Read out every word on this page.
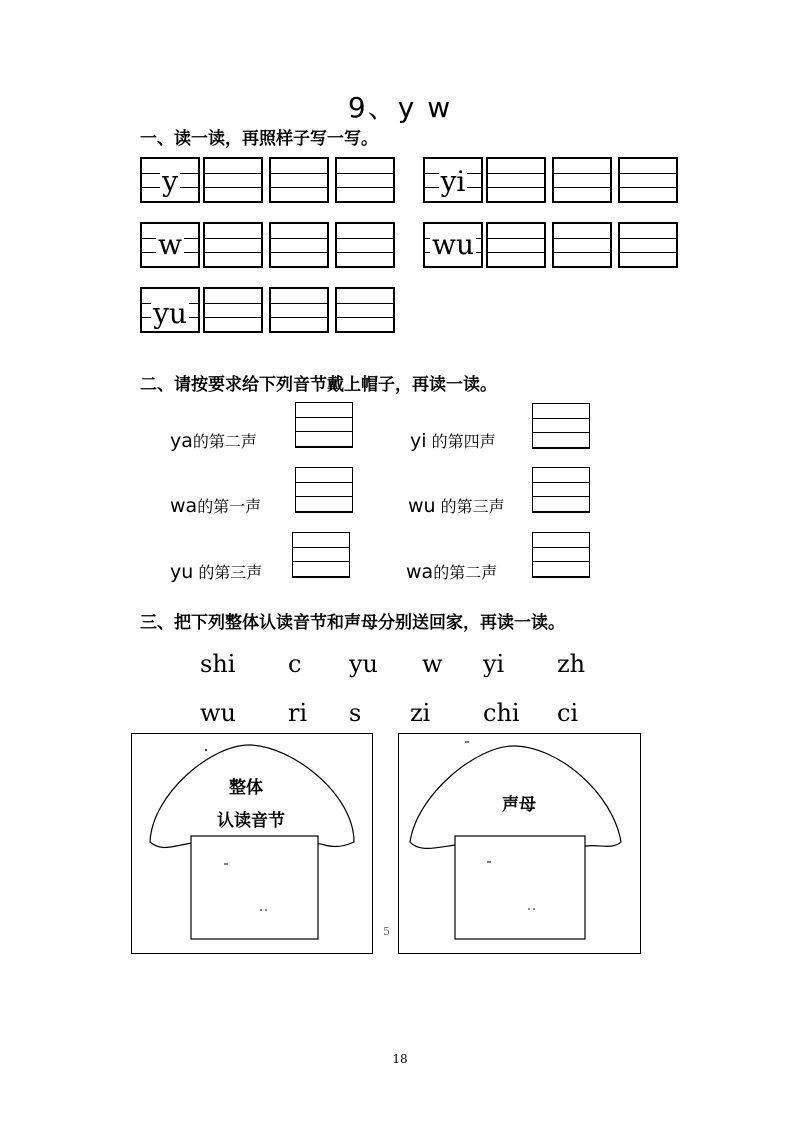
9、y w
一、读一读，再照样子写一写。
y	yi
w	wu
yu
二、请按要求给下列音节戴上帽子，再读一读。
ya的第二声	yi 的第四声
wa的第一声	wu 的第三声
yu 的第三声	wa的第二声
三、把下列整体认读音节和声母分别送回家，再读一读。
shi c yu w yi zh
wu ri s zi chi ci
整体
认读音节
5
声母
18
